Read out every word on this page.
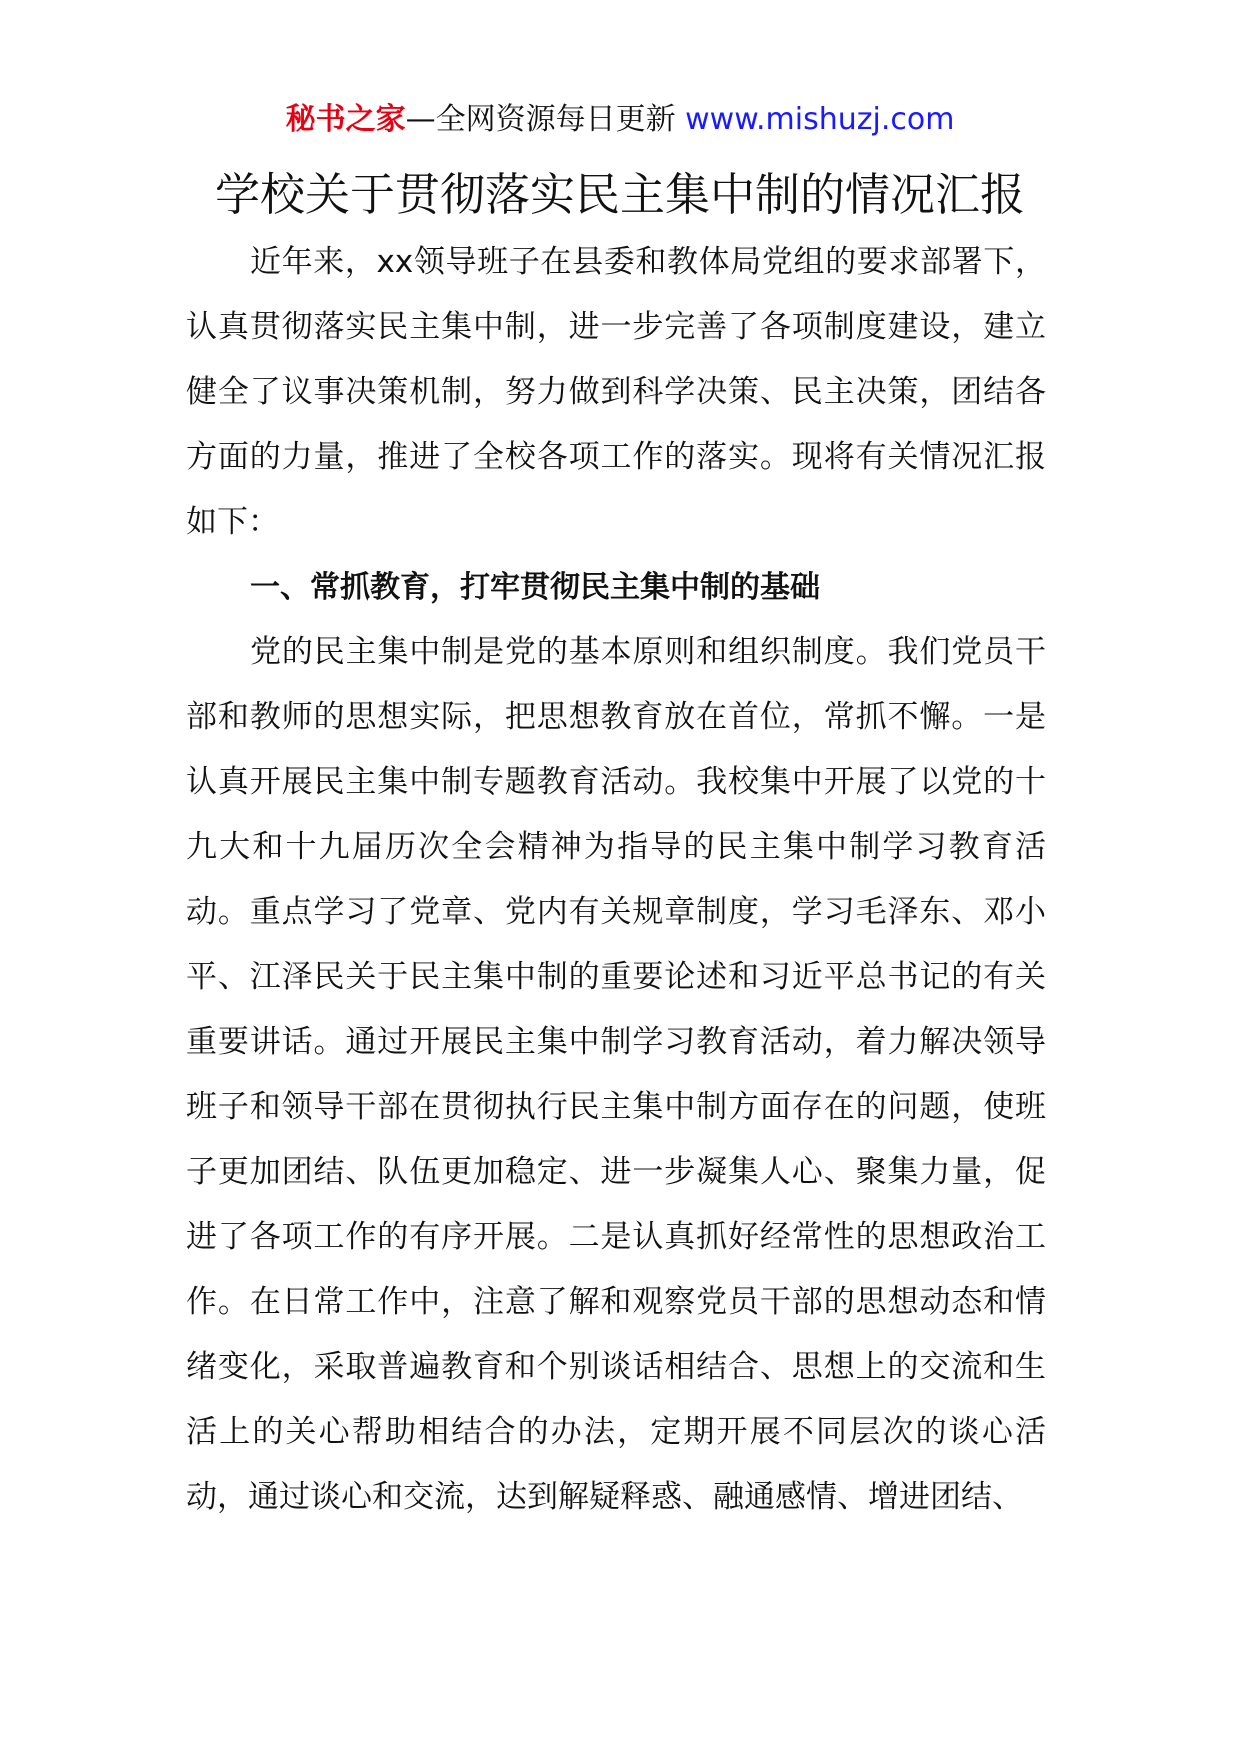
秘书之家—全网资源每日更新 www.mishuzj.com
学校关于贯彻落实民主集中制的情况汇报

近年来，xx领导班子在县委和教体局党组的要求部署下，认真贯彻落实民主集中制，进一步完善了各项制度建设，建立健全了议事决策机制，努力做到科学决策、民主决策，团结各方面的力量，推进了全校各项工作的落实。现将有关情况汇报如下：

一、常抓教育，打牢贯彻民主集中制的基础

党的民主集中制是党的基本原则和组织制度。我们党员干部和教师的思想实际，把思想教育放在首位，常抓不懈。一是认真开展民主集中制专题教育活动。我校集中开展了以党的十九大和十九届历次全会精神为指导的民主集中制学习教育活动。重点学习了党章、党内有关规章制度，学习毛泽东、邓小平、江泽民关于民主集中制的重要论述和习近平总书记的有关重要讲话。通过开展民主集中制学习教育活动，着力解决领导班子和领导干部在贯彻执行民主集中制方面存在的问题，使班子更加团结、队伍更加稳定、进一步凝集人心、聚集力量，促进了各项工作的有序开展。二是认真抓好经常性的思想政治工作。在日常工作中，注意了解和观察党员干部的思想动态和情绪变化，采取普遍教育和个别谈话相结合、思想上的交流和生活上的关心帮助相结合的办法，定期开展不同层次的谈心活动，通过谈心和交流，达到解疑释惑、融通感情、增进团结、
